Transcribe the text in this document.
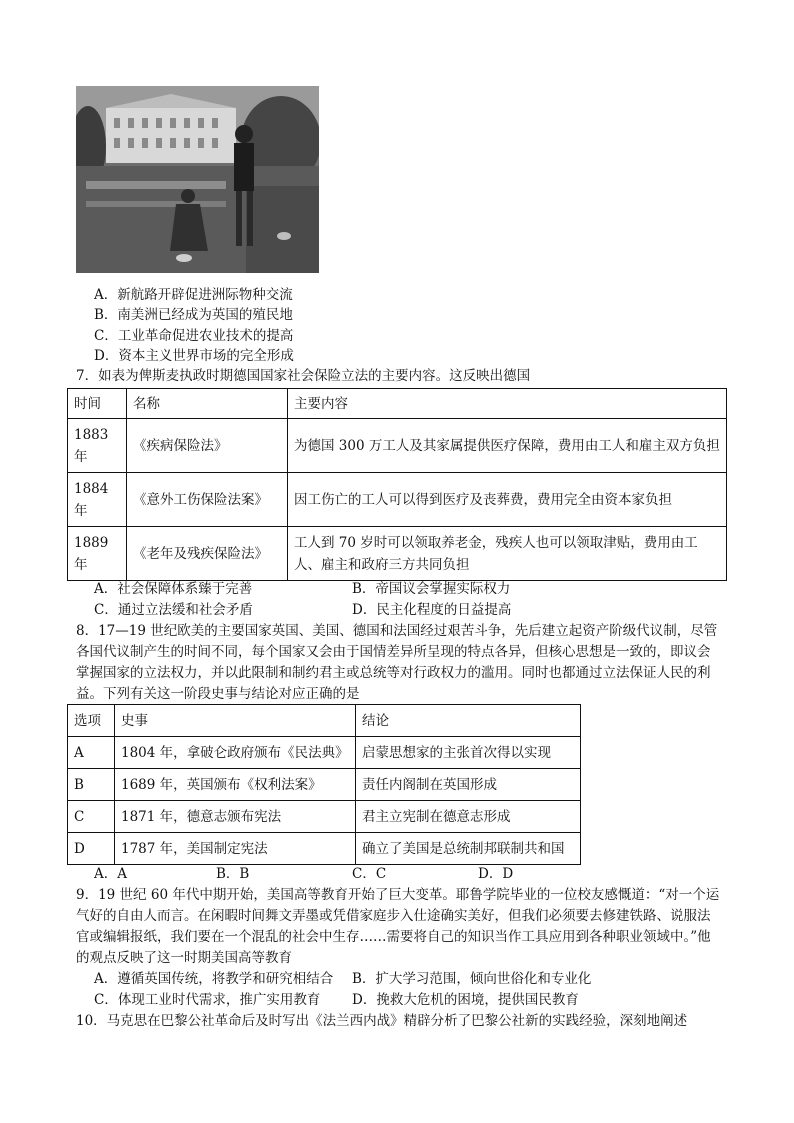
A．新航路开辟促进洲际物种交流
B．南美洲已经成为英国的殖民地
C．工业革命促进农业技术的提高
D．资本主义世界市场的完全形成
7．如表为俾斯麦执政时期德国国家社会保险立法的主要内容。这反映出德国
时间	名称	主要内容
1883
年	《疾病保险法》	为德国 300 万工人及其家属提供医疗保障，费用由工人和雇主双方负担
1884
年	《意外工伤保险法案》	因工伤亡的工人可以得到医疗及丧葬费，费用完全由资本家负担
1889
年	《老年及残疾保险法》	工人到 70 岁时可以领取养老金，残疾人也可以领取津贴，费用由工人、雇主和政府三方共同负担
A．社会保障体系臻于完善	B．帝国议会掌握实际权力
C．通过立法缓和社会矛盾	D．民主化程度的日益提高
8．17—19 世纪欧美的主要国家英国、美国、德国和法国经过艰苦斗争，先后建立起资产阶级代议制，尽管各国代议制产生的时间不同，每个国家又会由于国情差异所呈现的特点各异，但核心思想是一致的，即议会掌握国家的立法权力，并以此限制和制约君主或总统等对行政权力的滥用。同时也都通过立法保证人民的利益。下列有关这一阶段史事与结论对应正确的是
选项	史事	结论
A	1804 年，拿破仑政府颁布《民法典》	启蒙思想家的主张首次得以实现
B	1689 年，英国颁布《权利法案》	责任内阁制在英国形成
C	1871 年，德意志颁布宪法	君主立宪制在德意志形成
D	1787 年，美国制定宪法	确立了美国是总统制邦联制共和国
A．A	B．B	C．C	D．D
9．19 世纪 60 年代中期开始，美国高等教育开始了巨大变革。耶鲁学院毕业的一位校友感慨道：“对一个运气好的自由人而言。在闲暇时间舞文弄墨或凭借家庭步入仕途确实美好，但我们必须要去修建铁路、说服法官或编辑报纸，我们要在一个混乱的社会中生存……需要将自己的知识当作工具应用到各种职业领域中。”他的观点反映了这一时期美国高等教育
A．遵循英国传统，将教学和研究相结合 B．扩大学习范围，倾向世俗化和专业化
C．体现工业时代需求，推广实用教育 D．挽救大危机的困境，提供国民教育
10．马克思在巴黎公社革命后及时写出《法兰西内战》精辟分析了巴黎公社新的实践经验，深刻地阐述
